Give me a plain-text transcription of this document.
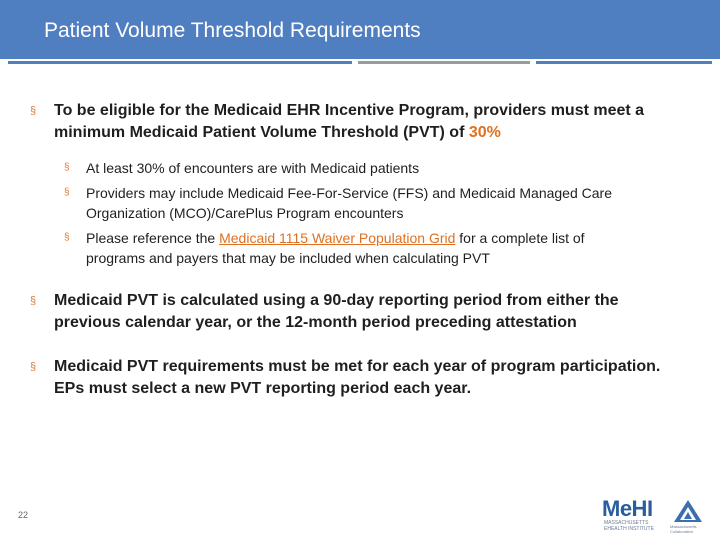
Patient Volume Threshold Requirements
§ To be eligible for the Medicaid EHR Incentive Program, providers must meet a
minimum Medicaid Patient Volume Threshold (PVT) of 30%
§ At least 30% of encounters are with Medicaid patients
§ Providers may include Medicaid Fee-For-Service (FFS) and Medicaid Managed Care
Organization (MCO)/CarePlus Program encounters
§ Please reference the Medicaid 1115 Waiver Population Grid for a complete list of
programs and payers that may be included when calculating PVT
§ Medicaid PVT is calculated using a 90-day reporting period from either the
previous calendar year, or the 12-month period preceding attestation
§ Medicaid PVT requirements must be met for each year of program participation.
EPs must select a new PVT reporting period each year.
22	MeHI
MASSACHUSETTS EHEALTH INSTITUTE	Massachusetts Collaborative
